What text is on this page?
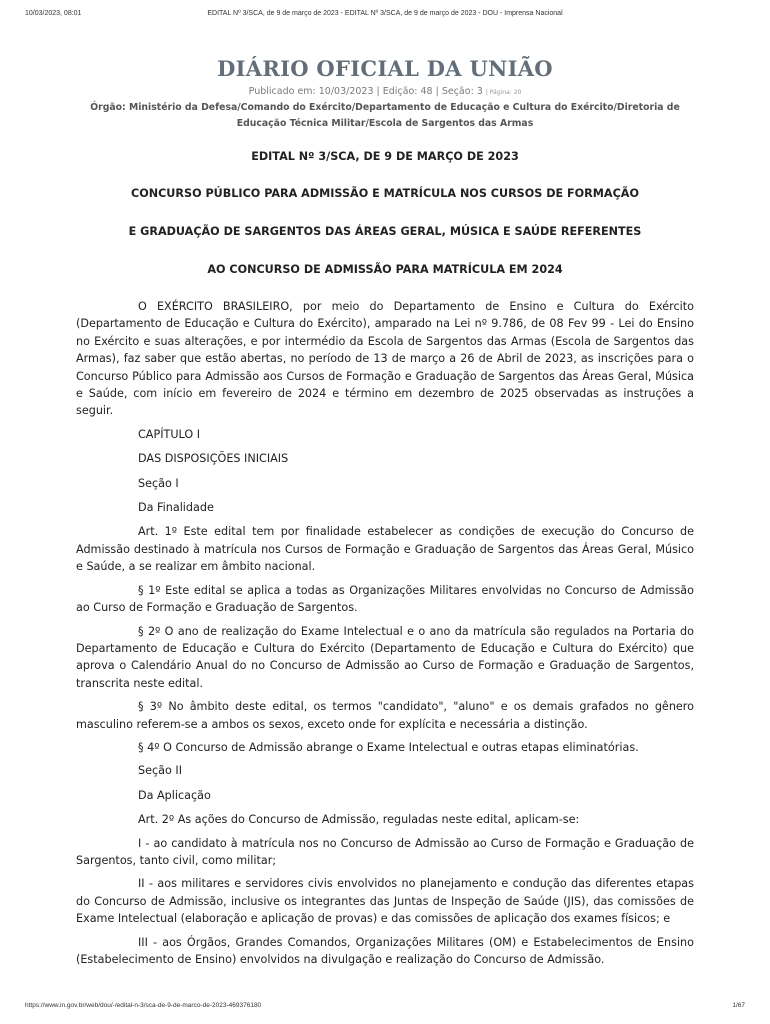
10/03/2023, 08:01	EDITAL Nº 3/SCA, de 9 de março de 2023 - EDITAL Nº 3/SCA, de 9 de março de 2023 - DOU - Imprensa Nacional
DIÁRIO OFICIAL DA UNIÃO
Publicado em: 10/03/2023 | Edição: 48 | Seção: 3 | Página: 20
Órgão: Ministério da Defesa/Comando do Exército/Departamento de Educação e Cultura do Exército/Diretoria de Educação Técnica Militar/Escola de Sargentos das Armas
EDITAL Nº 3/SCA, DE 9 DE MARÇO DE 2023
CONCURSO PÚBLICO PARA ADMISSÃO E MATRÍCULA NOS CURSOS DE FORMAÇÃO
E GRADUAÇÃO DE SARGENTOS DAS ÁREAS GERAL, MÚSICA E SAÚDE REFERENTES
AO CONCURSO DE ADMISSÃO PARA MATRÍCULA EM 2024

O EXÉRCITO BRASILEIRO, por meio do Departamento de Ensino e Cultura do Exército (Departamento de Educação e Cultura do Exército), amparado na Lei nº 9.786, de 08 Fev 99 - Lei do Ensino no Exército e suas alterações, e por intermédio da Escola de Sargentos das Armas (Escola de Sargentos das Armas), faz saber que estão abertas, no período de 13 de março a 26 de Abril de 2023, as inscrições para o Concurso Público para Admissão aos Cursos de Formação e Graduação de Sargentos das Áreas Geral, Música e Saúde, com início em fevereiro de 2024 e término em dezembro de 2025 observadas as instruções a seguir.

CAPÍTULO I

DAS DISPOSIÇÕES INICIAIS

Seção I

Da Finalidade

Art. 1º Este edital tem por finalidade estabelecer as condições de execução do Concurso de Admissão destinado à matrícula nos Cursos de Formação e Graduação de Sargentos das Áreas Geral, Músico e Saúde, a se realizar em âmbito nacional.

§ 1º Este edital se aplica a todas as Organizações Militares envolvidas no Concurso de Admissão ao Curso de Formação e Graduação de Sargentos.

§ 2º O ano de realização do Exame Intelectual e o ano da matrícula são regulados na Portaria do Departamento de Educação e Cultura do Exército (Departamento de Educação e Cultura do Exército) que aprova o Calendário Anual do no Concurso de Admissão ao Curso de Formação e Graduação de Sargentos, transcrita neste edital.

§ 3º No âmbito deste edital, os termos "candidato", "aluno" e os demais grafados no gênero masculino referem-se a ambos os sexos, exceto onde for explícita e necessária a distinção.

§ 4º O Concurso de Admissão abrange o Exame Intelectual e outras etapas eliminatórias.

Seção II

Da Aplicação

Art. 2º As ações do Concurso de Admissão, reguladas neste edital, aplicam-se:

I - ao candidato à matrícula nos no Concurso de Admissão ao Curso de Formação e Graduação de Sargentos, tanto civil, como militar;

II - aos militares e servidores civis envolvidos no planejamento e condução das diferentes etapas do Concurso de Admissão, inclusive os integrantes das Juntas de Inspeção de Saúde (JIS), das comissões de Exame Intelectual (elaboração e aplicação de provas) e das comissões de aplicação dos exames físicos; e

III - aos Órgãos, Grandes Comandos, Organizações Militares (OM) e Estabelecimentos de Ensino (Estabelecimento de Ensino) envolvidos na divulgação e realização do Concurso de Admissão.

https://www.in.gov.br/web/dou/-/edital-n-3/sca-de-9-de-marco-de-2023-469376180	1/67
